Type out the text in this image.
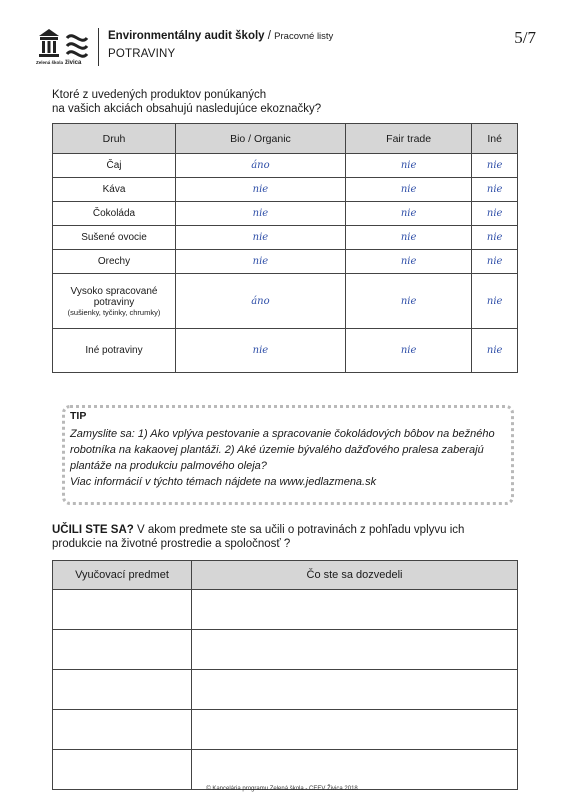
Zelená škola živica
Environmentálny audit školy / Pracovné listy
POTRAVINY
5/7
Ktoré z uvedených produktov ponúkaných
na vašich akciách obsahujú nasledujúce ekoznačky?
Druh	Bio / Organic	Fair trade	Iné
Čaj	áno	nie	nie
Káva	nie	nie	nie
Čokoláda	nie	nie	nie
Sušené ovocie	nie	nie	nie
Orechy	nie	nie	nie

Vysoko spracované
potraviny
(sušienky, tyčinky, chrumky)	áno	nie	nie
Iné potraviny	nie	nie	nie
TIP
Zamyslite sa: 1) Ako vplýva pestovanie a spracovanie čokoládových bôbov na bežného
robotníka na kakaovej plantáži. 2) Aké územie bývalého dažďového pralesa zaberajú
plantáže na produkciu palmového oleja?
Viac informácií v týchto témach nájdete na www.jedlazmena.sk
UČILI STE SA? V akom predmete ste sa učili o potravinách z pohľadu vplyvu ich
produkcie na životné prostredie a spoločnosť ?
Vyučovací predmet	Čo ste sa dozvedeli

© Kancelária programu Zelená škola - CEEV Živica 2018
